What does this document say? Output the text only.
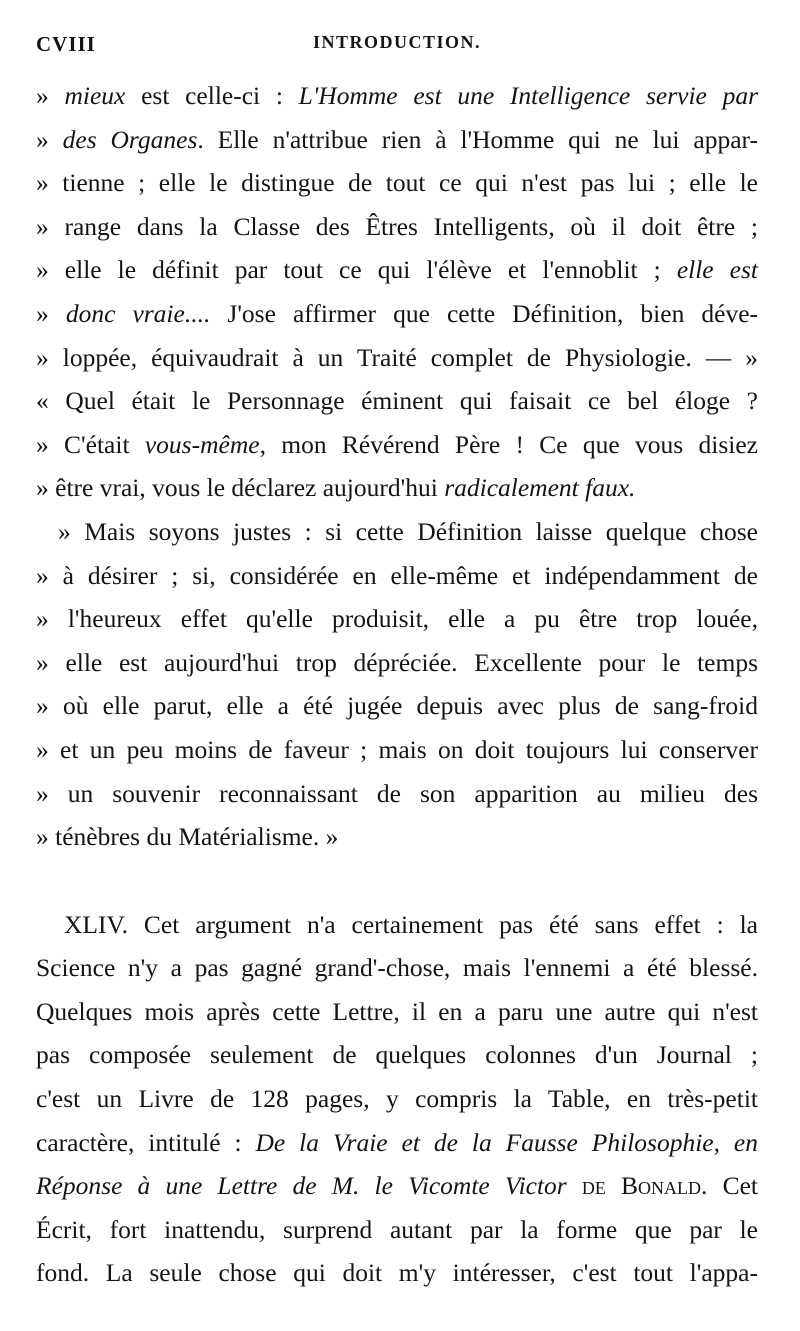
CVIII	INTRODUCTION.
» mieux est celle-ci : L'Homme est une Intelligence servie par
» des Organes. Elle n'attribue rien à l'Homme qui ne lui appar-
» tienne ; elle le distingue de tout ce qui n'est pas lui ; elle le
» range dans la Classe des Êtres Intelligents, où il doit être ;
» elle le définit par tout ce qui l'élève et l'ennoblit ; elle est
» donc vraie.... J'ose affirmer que cette Définition, bien déve-
» loppée, équivaudrait à un Traité complet de Physiologie. — »
« Quel était le Personnage éminent qui faisait ce bel éloge ?
» C'était vous-même, mon Révérend Père ! Ce que vous disiez
» être vrai, vous le déclarez aujourd'hui radicalement faux.
» Mais soyons justes : si cette Définition laisse quelque chose
» à désirer ; si, considérée en elle-même et indépendamment de
» l'heureux effet qu'elle produisit, elle a pu être trop louée,
» elle est aujourd'hui trop dépréciée. Excellente pour le temps
» où elle parut, elle a été jugée depuis avec plus de sang-froid
» et un peu moins de faveur ; mais on doit toujours lui conserver
» un souvenir reconnaissant de son apparition au milieu des
» ténèbres du Matérialisme. »
XLIV. Cet argument n'a certainement pas été sans effet : la
Science n'y a pas gagné grand'-chose, mais l'ennemi a été blessé.
Quelques mois après cette Lettre, il en a paru une autre qui n'est
pas composée seulement de quelques colonnes d'un Journal ;
c'est un Livre de 128 pages, y compris la Table, en très-petit
caractère, intitulé : De la Vraie et de la Fausse Philosophie, en
Réponse à une Lettre de M. le Vicomte Victor de Bonald. Cet
Écrit, fort inattendu, surprend autant par la forme que par le
fond. La seule chose qui doit m'y intéresser, c'est tout l'appa-
